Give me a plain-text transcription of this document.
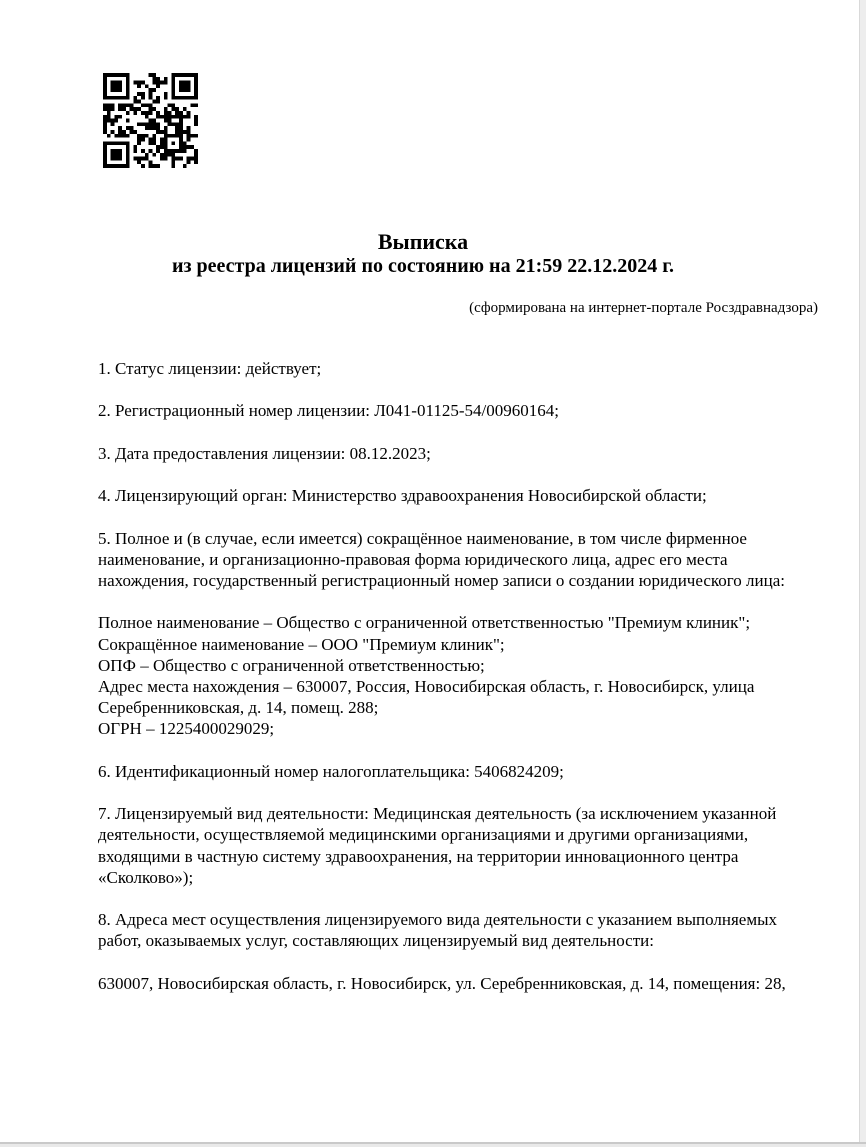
Выписка
из реестра лицензий по состоянию на 21:59 22.12.2024 г.
(сформирована на интернет-портале Росздравнадзора)

1. Статус лицензии: действует;

2. Регистрационный номер лицензии: Л041-01125-54/00960164;

3. Дата предоставления лицензии: 08.12.2023;

4. Лицензирующий орган: Министерство здравоохранения Новосибирской области;

5. Полное и (в случае, если имеется) сокращённое наименование, в том числе фирменное
наименование, и организационно-правовая форма юридического лица, адрес его места
нахождения, государственный регистрационный номер записи о создании юридического лица:

Полное наименование – Общество с ограниченной ответственностью "Премиум клиник";
Сокращённое наименование – ООО "Премиум клиник";
ОПФ – Общество с ограниченной ответственностью;
Адрес места нахождения – 630007, Россия, Новосибирская область, г. Новосибирск, улица
Серебренниковская, д. 14, помещ. 288;
ОГРН – 1225400029029;

6. Идентификационный номер налогоплательщика: 5406824209;

7. Лицензируемый вид деятельности: Медицинская деятельность (за исключением указанной
деятельности, осуществляемой медицинскими организациями и другими организациями,
входящими в частную систему здравоохранения, на территории инновационного центра
«Сколково»);

8. Адреса мест осуществления лицензируемого вида деятельности с указанием выполняемых
работ, оказываемых услуг, составляющих лицензируемый вид деятельности:

630007, Новосибирская область, г. Новосибирск, ул. Серебренниковская, д. 14, помещения: 28,
